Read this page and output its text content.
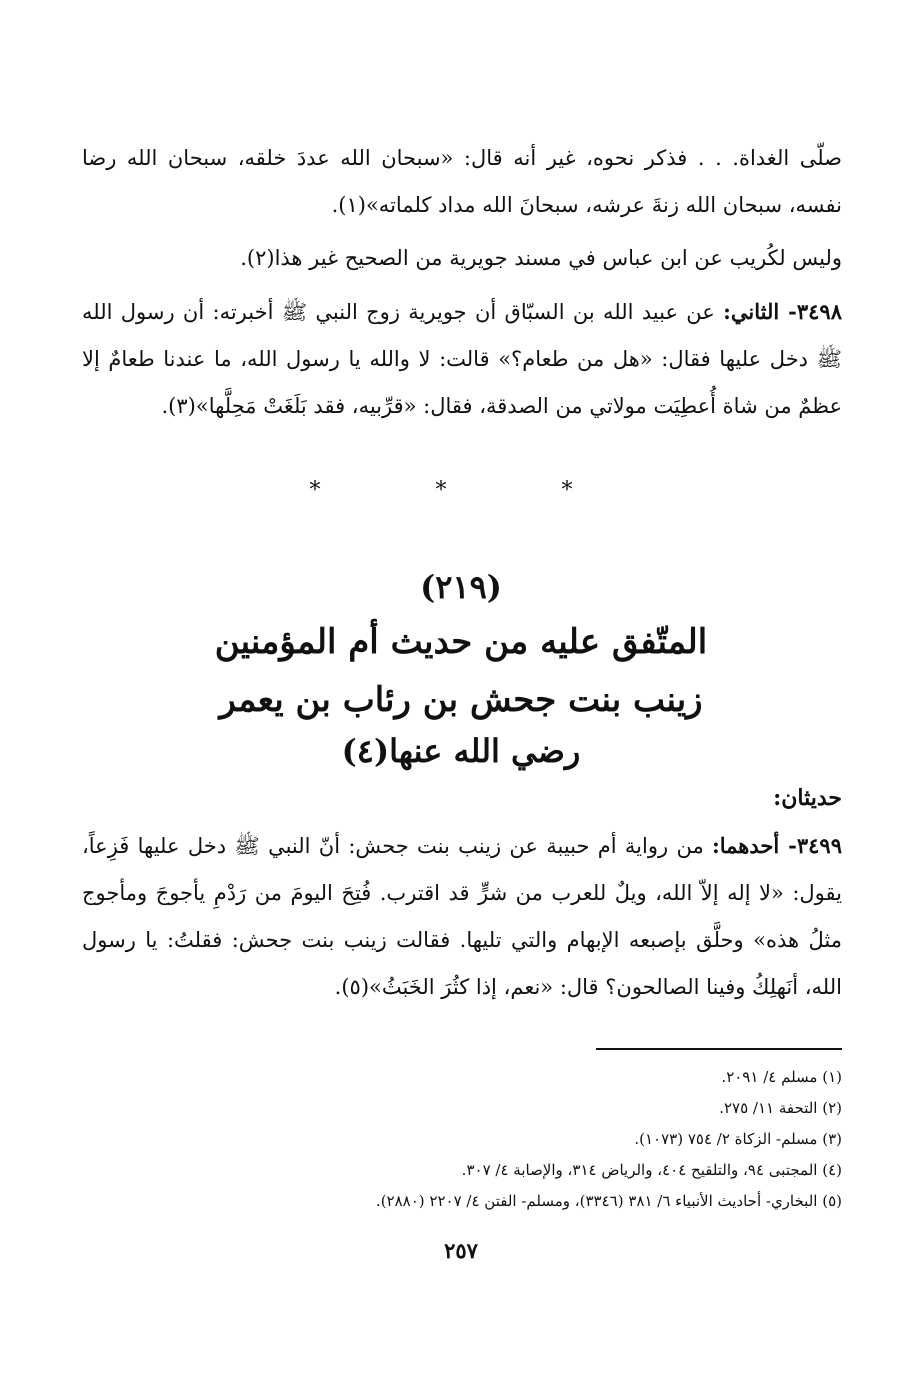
صلّى الغداة. . . فذكر نحوه، غير أنه قال: «سبحان الله عددَ خلقه، سبحان الله رضا نفسه، سبحان الله زنةَ عرشه، سبحانَ الله مداد كلماته»(١).

وليس لكُريب عن ابن عباس في مسند جويرية من الصحيح غير هذا(٢).

٣٤٩٨- الثاني: عن عبيد الله بن السبّاق أن جويرية زوج النبي ﷺ أخبرته: أن رسول الله ﷺ دخل عليها فقال: «هل من طعام؟» قالت: لا والله يا رسول الله، ما عندنا طعامٌ إلا عظمٌ من شاة أُعطِيَت مولاتي من الصدقة، فقال: «قرِّبيه، فقد بَلَغَتْ مَحِلَّها»(٣).

*	*	*
(٢١٩)
المتّفق عليه من حديث أم المؤمنين
زينب بنت جحش بن رئاب بن يعمر
رضي الله عنها(٤)
حديثان:

٣٤٩٩- أحدهما: من رواية أم حبيبة عن زينب بنت جحش: أنّ النبي ﷺ دخل عليها فَزِعاً، يقول: «لا إله إلاّ الله، ويلٌ للعرب من شرٍّ قد اقترب. فُتِحَ اليومَ من رَدْمِ يأجوجَ ومأجوج مثلُ هذه» وحلَّق بإصبعه الإبهام والتي تليها. فقالت زينب بنت جحش: فقلتُ: يا رسول الله، أنَهلِكُ وفينا الصالحون؟ قال: «نعم، إذا كثُرَ الخَبَثُ»(٥).

(١) مسلم ٤/ ٢٠٩١.

(٢) التحفة ١١/ ٢٧٥.

(٣) مسلم- الزكاة ٢/ ٧٥٤ (١٠٧٣).

(٤) المجتبى ٩٤، والتلقيح ٤٠٤، والرياض ٣١٤، والإصابة ٤/ ٣٠٧.

(٥) البخاري- أحاديث الأنبياء ٦/ ٣٨١ (٣٣٤٦)، ومسلم- الفتن ٤/ ٢٢٠٧ (٢٨٨٠).

٢٥٧
